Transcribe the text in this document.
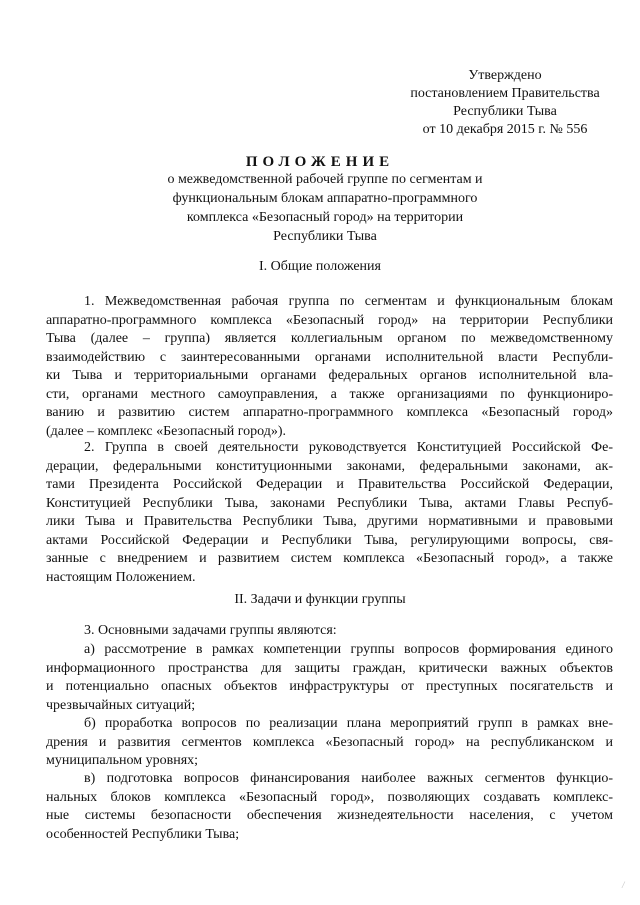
Утверждено
постановлением Правительства
Республики Тыва
от 10 декабря 2015 г. № 556
ПОЛОЖЕНИЕ
о межведомственной рабочей группе по сегментам и
функциональным блокам аппаратно-программного
комплекса «Безопасный город» на территории
Республики Тыва
I. Общие положения
1. Межведомственная рабочая группа по сегментам и функциональным блокам
аппаратно-программного комплекса «Безопасный город» на территории Республики
Тыва (далее – группа) является коллегиальным органом по межведомственному
взаимодействию с заинтересованными органами исполнительной власти Республи-
ки Тыва и территориальными органами федеральных органов исполнительной вла-
сти, органами местного самоуправления, а также организациями по функциониро-
ванию и развитию систем аппаратно-программного комплекса «Безопасный город»
(далее – комплекс «Безопасный город»).
2. Группа в своей деятельности руководствуется Конституцией Российской Фе-
дерации, федеральными конституционными законами, федеральными законами, ак-
тами Президента Российской Федерации и Правительства Российской Федерации,
Конституцией Республики Тыва, законами Республики Тыва, актами Главы Респуб-
лики Тыва и Правительства Республики Тыва, другими нормативными и правовыми
актами Российской Федерации и Республики Тыва, регулирующими вопросы, свя-
занные с внедрением и развитием систем комплекса «Безопасный город», а также
настоящим Положением.
II. Задачи и функции группы
3. Основными задачами группы являются:
а) рассмотрение в рамках компетенции группы вопросов формирования единого
информационного пространства для защиты граждан, критически важных объектов
и потенциально опасных объектов инфраструктуры от преступных посягательств и
чрезвычайных ситуаций;
б) проработка вопросов по реализации плана мероприятий групп в рамках вне-
дрения и развития сегментов комплекса «Безопасный город» на республиканском и
муниципальном уровнях;
в) подготовка вопросов финансирования наиболее важных сегментов функцио-
нальных блоков комплекса «Безопасный город», позволяющих создавать комплекс-
ные системы безопасности обеспечения жизнедеятельности населения, с учетом
особенностей Республики Тыва;
/
